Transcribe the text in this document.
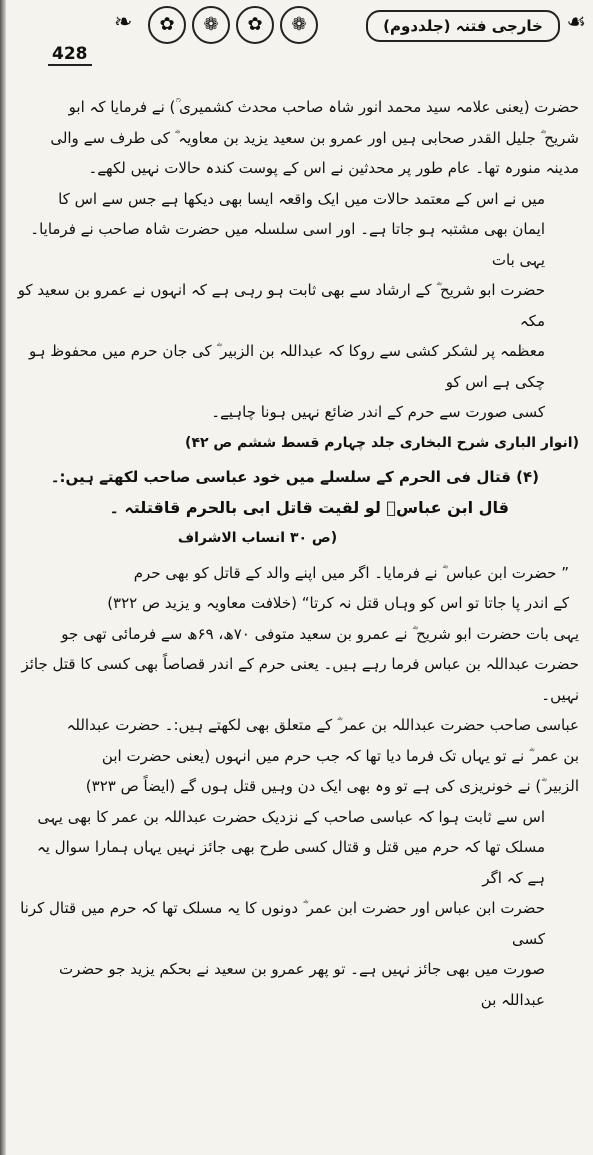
❧	✿	❁	✿	❁	خارجی فتنہ (جلددوم)	☙
428

حضرت (یعنی علامہ سید محمد انور شاہ صاحب محدث کشمیری ؒ) نے فرمایا کہ ابو

شریح ؓ جلیل القدر صحابی ہیں اور عمرو بن سعید یزید بن معاویہ ؓ کی طرف سے والی

مدینہ منورہ تھا۔ عام طور پر محدثین نے اس کے پوست کندہ حالات نہیں لکھے۔

میں نے اس کے معتمد حالات میں ایک واقعہ ایسا بھی دیکھا ہے جس سے اس کا

ایمان بھی مشتبہ ہو جاتا ہے۔ اور اسی سلسلہ میں حضرت شاہ صاحب نے فرمایا۔ یہی بات

حضرت ابو شریح ؓ کے ارشاد سے بھی ثابت ہو رہی ہے کہ انہوں نے عمرو بن سعید کو مکہ

معظمہ پر لشکر کشی سے روکا کہ عبداللہ بن الزبیر ؓ کی جان حرم میں محفوظ ہو چکی ہے اس کو

کسی صورت سے حرم کے اندر ضائع نہیں ہونا چاہیے۔

(انوار الباری شرح البخاری جلد چہارم قسط ششم ص ۴۲)

(۴) قتال فی الحرم کے سلسلے میں خود عباسی صاحب لکھتے ہیں:۔

قال ابن عباسؓ لو لقیت قاتل ابی بالحرم قاقتلتہ ۔

(ص ۳۰ انساب الاشراف

” حضرت ابن عباس ؓ نے فرمایا۔ اگر میں اپنے والد کے قاتل کو بھی حرم

کے اندر پا جاتا تو اس کو وہاں قتل نہ کرتا“ (خلافت معاویہ و یزید ص ۳۲۲)

یہی بات حضرت ابو شریح ؓ نے عمرو بن سعید متوفی ۷۰ھ، ۶۹ھ سے فرمائی تھی جو

حضرت عبداللہ بن عباس فرما رہے ہیں۔ یعنی حرم کے اندر قصاصاً بھی کسی کا قتل جائز نہیں۔

عباسی صاحب حضرت عبداللہ بن عمر ؓ کے متعلق بھی لکھتے ہیں:۔ حضرت عبداللہ

بن عمر ؓ نے تو یہاں تک فرما دیا تھا کہ جب حرم میں انہوں (یعنی حضرت ابن

الزبیر ؓ) نے خونریزی کی ہے تو وہ بھی ایک دن وہیں قتل ہوں گے (ایضاً ص ۳۲۳)

اس سے ثابت ہوا کہ عباسی صاحب کے نزدیک حضرت عبداللہ بن عمر کا بھی یہی

مسلک تھا کہ حرم میں قتل و قتال کسی طرح بھی جائز نہیں یہاں ہمارا سوال یہ ہے کہ اگر

حضرت ابن عباس اور حضرت ابن عمر ؓ دونوں کا یہ مسلک تھا کہ حرم میں قتال کرنا کسی

صورت میں بھی جائز نہیں ہے۔ تو پھر عمرو بن سعید نے بحکم یزید جو حضرت عبداللہ بن
